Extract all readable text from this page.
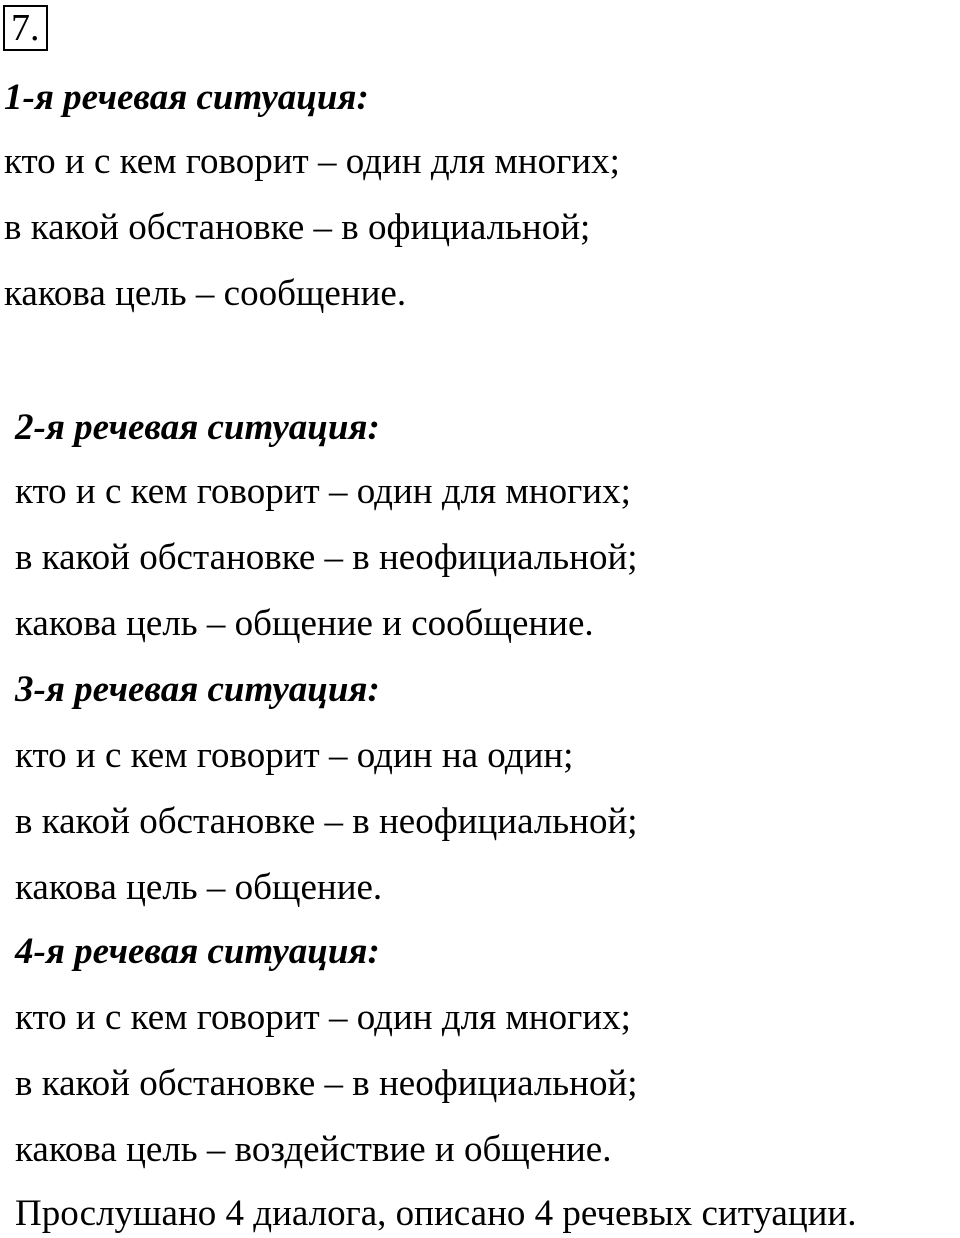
7.
1-я речевая ситуация:
кто и с кем говорит – один для многих;
в какой обстановке – в официальной;
какова цель – сообщение.
2-я речевая ситуация:
кто и с кем говорит – один для многих;
в какой обстановке – в неофициальной;
какова цель – общение и сообщение.
3-я речевая ситуация:
кто и с кем говорит – один на один;
в какой обстановке – в неофициальной;
какова цель – общение.
4-я речевая ситуация:
кто и с кем говорит – один для многих;
в какой обстановке – в неофициальной;
какова цель – воздействие и общение.
Прослушано 4 диалога, описано 4 речевых ситуации.
